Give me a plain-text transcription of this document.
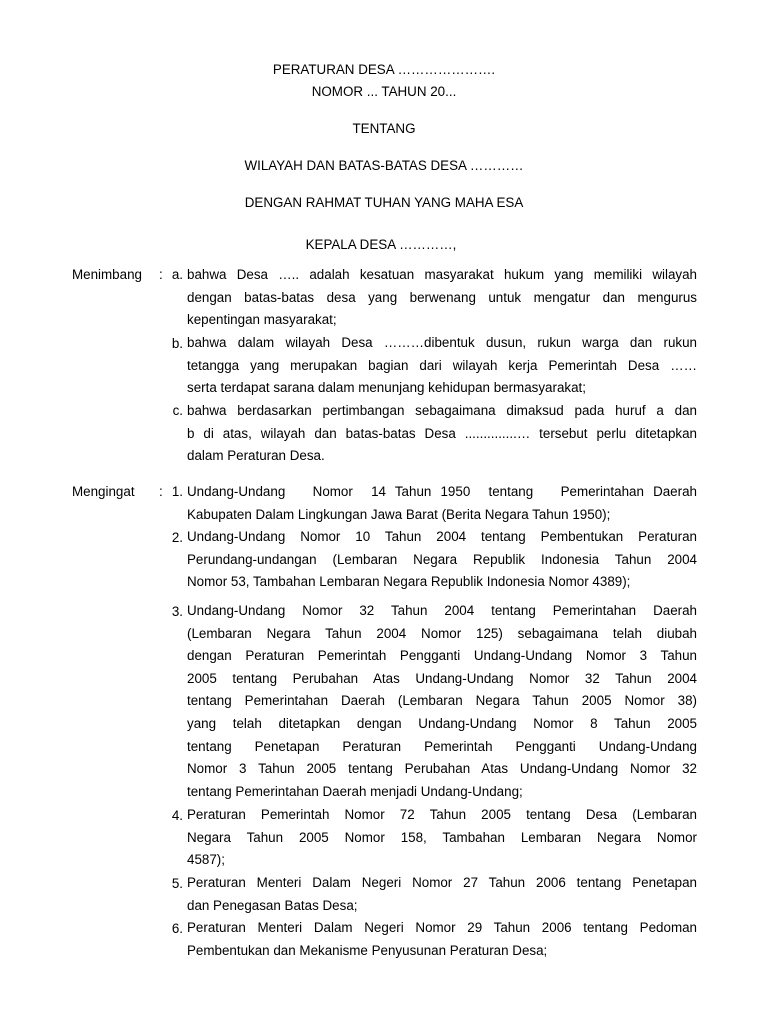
PERATURAN DESA ………………….
NOMOR ... TAHUN 20...
TENTANG
WILAYAH DAN BATAS-BATAS DESA …………
DENGAN RAHMAT TUHAN YANG MAHA ESA
KEPALA DESA …………,
Menimbang : a. bahwa Desa ….. adalah kesatuan masyarakat hukum yang memiliki wilayah
dengan batas-batas desa yang berwenang untuk mengatur dan mengurus
kepentingan masyarakat;
b. bahwa dalam wilayah Desa ………dibentuk dusun, rukun warga dan rukun
tetangga yang merupakan bagian dari wilayah kerja Pemerintah Desa ……
serta terdapat sarana dalam menunjang kehidupan bermasyarakat;
c. bahwa berdasarkan pertimbangan sebagaimana dimaksud pada huruf a dan
b di atas, wilayah dan batas-batas Desa ..............… tersebut perlu ditetapkan
dalam Peraturan Desa.
Mengingat : 1. Undang-Undang   Nomor  14 Tahun 1950  tentang   Pemerintahan Daerah
Kabupaten Dalam Lingkungan Jawa Barat (Berita Negara Tahun 1950);
2. Undang-Undang Nomor 10 Tahun 2004 tentang Pembentukan Peraturan
Perundang-undangan (Lembaran Negara Republik Indonesia Tahun 2004
Nomor 53, Tambahan Lembaran Negara Republik Indonesia Nomor 4389);
3. Undang-Undang Nomor 32 Tahun 2004 tentang Pemerintahan Daerah
(Lembaran Negara Tahun 2004 Nomor 125) sebagaimana telah diubah
dengan Peraturan Pemerintah Pengganti Undang-Undang Nomor 3 Tahun
2005 tentang Perubahan Atas Undang-Undang Nomor 32 Tahun 2004
tentang Pemerintahan Daerah (Lembaran Negara Tahun 2005 Nomor 38)
yang telah ditetapkan dengan Undang-Undang Nomor 8 Tahun 2005
tentang Penetapan Peraturan Pemerintah Pengganti Undang-Undang
Nomor 3 Tahun 2005 tentang Perubahan Atas Undang-Undang Nomor 32
tentang Pemerintahan Daerah menjadi Undang-Undang;
4. Peraturan Pemerintah Nomor 72 Tahun 2005 tentang Desa (Lembaran
Negara Tahun 2005 Nomor 158, Tambahan Lembaran Negara Nomor
4587);
5. Peraturan Menteri Dalam Negeri Nomor 27 Tahun 2006 tentang Penetapan
dan Penegasan Batas Desa;
6. Peraturan Menteri Dalam Negeri Nomor 29 Tahun 2006 tentang Pedoman
Pembentukan dan Mekanisme Penyusunan Peraturan Desa;
